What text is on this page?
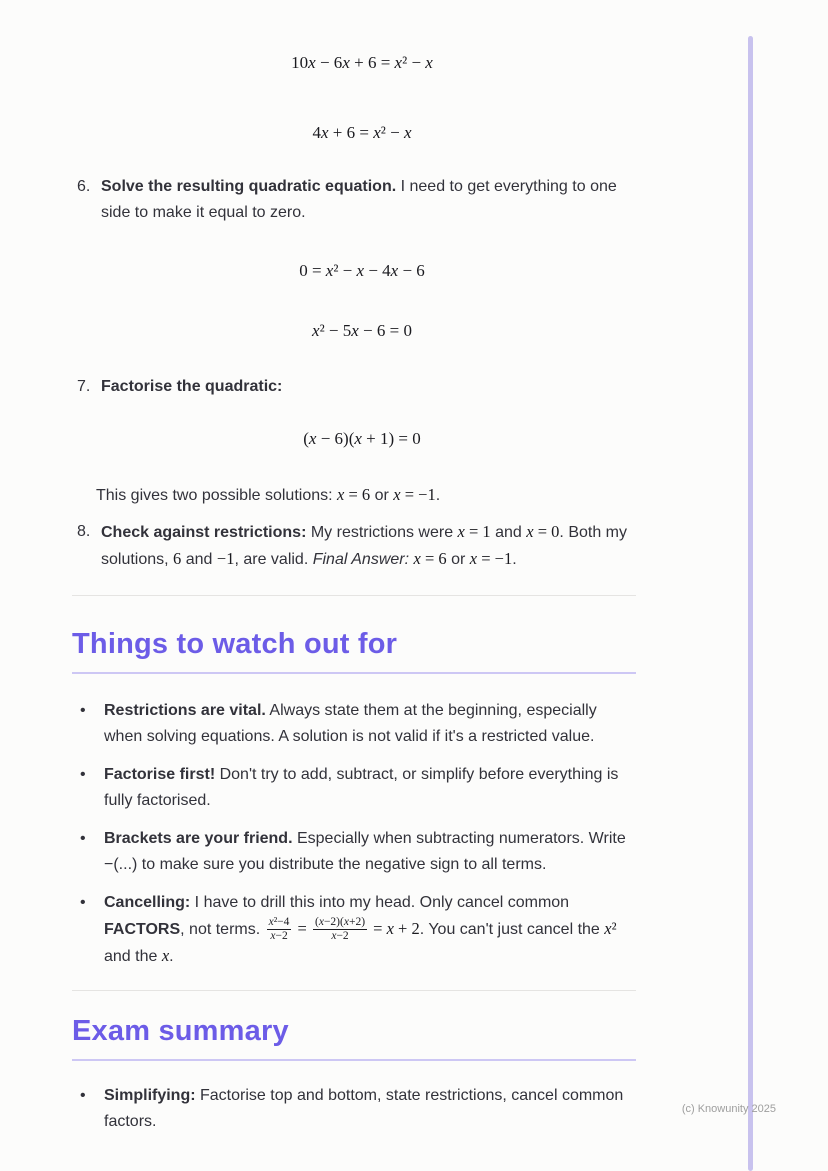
10x − 6x + 6 = x² − x
4x + 6 = x² − x
6. Solve the resulting quadratic equation. I need to get everything to one side to make it equal to zero.
0 = x² − x − 4x − 6
x² − 5x − 6 = 0
7. Factorise the quadratic:
(x − 6)(x + 1) = 0
This gives two possible solutions: x = 6 or x = −1.
8. Check against restrictions: My restrictions were x = 1 and x = 0. Both my solutions, 6 and −1, are valid. Final Answer: x = 6 or x = −1.
Things to watch out for
•	Restrictions are vital. Always state them at the beginning, especially when solving equations. A solution is not valid if it's a restricted value.
•	Factorise first! Don't try to add, subtract, or simplify before everything is fully factorised.
•	Brackets are your friend. Especially when subtracting numerators. Write −(...) to make sure you distribute the negative sign to all terms.
•	Cancelling: I have to drill this into my head. Only cancel common FACTORS, not terms. $\frac{\text{x²−4}}{x-2} = \frac{(x-2)(x+2)}{x-2} = x + 2$. You can't just cancel the x² and the x.
Exam summary
•	Simplifying: Factorise top and bottom, state restrictions, cancel common factors.
(c) Knowunity 2025
